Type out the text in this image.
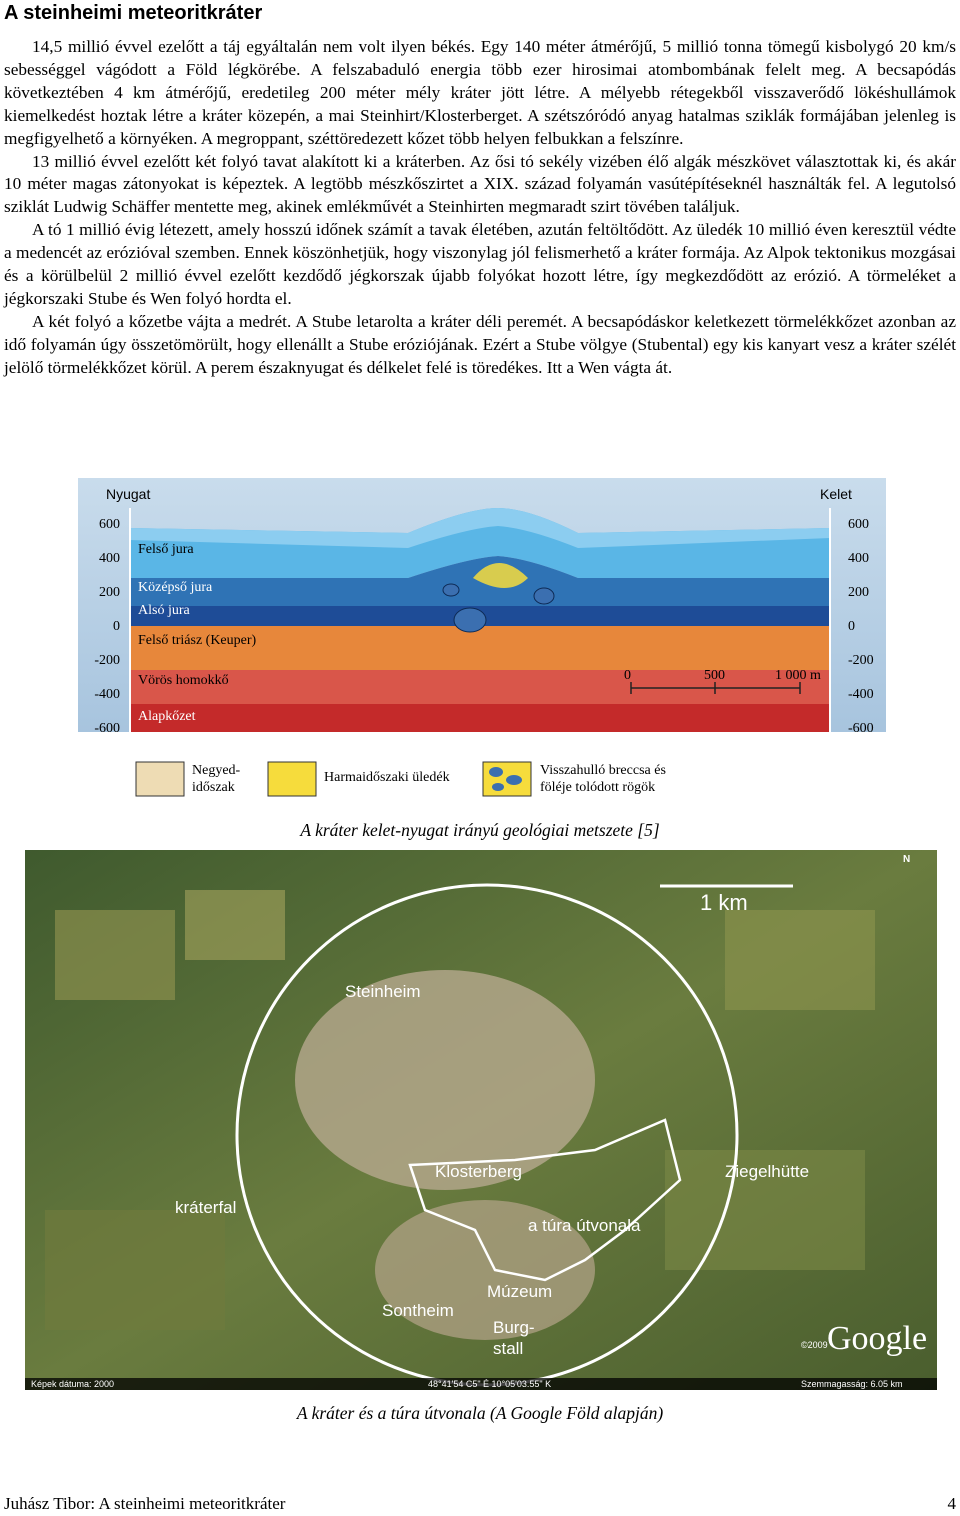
A steinheimi meteoritkráter

14,5 millió évvel ezelőtt a táj egyáltalán nem volt ilyen békés. Egy 140 méter átmérőjű, 5 millió tonna tömegű kisbolygó 20 km/s sebességgel vágódott a Föld légkörébe. A felszabaduló energia több ezer hirosimai atombombának felelt meg. A becsapódás következtében 4 km átmérőjű, eredetileg 200 méter mély kráter jött létre. A mélyebb rétegekből visszaverődő lökéshullámok kiemelkedést hoztak létre a kráter közepén, a mai Steinhirt/Klosterberget. A szétszóródó anyag hatalmas sziklák formájában jelenleg is megfigyelhető a környéken. A megroppant, széttöredezett kőzet több helyen felbukkan a felszínre.

13 millió évvel ezelőtt két folyó tavat alakított ki a kráterben. Az ősi tó sekély vizében élő algák mészkövet választottak ki, és akár 10 méter magas zátonyokat is képeztek. A legtöbb mészkőszirtet a XIX. század folyamán vasútépítéseknél használták fel. A legutolsó sziklát Ludwig Schäffer mentette meg, akinek emlékművét a Steinhirten megmaradt szirt tövében találjuk.

A tó 1 millió évig létezett, amely hosszú időnek számít a tavak életében, azután feltöltődött. Az üledék 10 millió éven keresztül védte a medencét az erózióval szemben. Ennek köszönhetjük, hogy viszonylag jól felismerhető a kráter formája. Az Alpok tektonikus mozgásai és a körülbelül 2 millió évvel ezelőtt kezdődő jégkorszak újabb folyókat hozott létre, így megkezdődött az erózió. A törmeléket a jégkorszaki Stube és Wen folyó hordta el.

A két folyó a kőzetbe vájta a medrét. A Stube letarolta a kráter déli peremét. A becsapódáskor keletkezett törmelékkőzet azonban az idő folyamán úgy összetömörült, hogy ellenállt a Stube eróziójának. Ezért a Stube völgye (Stubental) egy kis kanyart vesz a kráter szélét jelölő törmelékkőzet körül. A perem északnyugat és délkelet felé is töredékes. Itt a Wen vágta át.

Nyugat	Kelet
600
400
200
0
-200
-400
-600
600
400
200
0
-200
-400
-600
Felső jura
Középső jura
Alsó jura
Felső triász (Keuper)
Vörös homokkő
Alapkőzet
0	500	1 000 m
Negyed-
időszak
Harmaidőszaki üledék	Visszahulló breccsa és
föléje tolódott rögök
A kráter kelet-nyugat irányú geológiai metszete [5]
1 km
N
Steinheim
Klosterberg	Ziegelhütte
kráterfal
a túra útvonala
Múzeum
Sontheim
Burg-
stall	©2009 Google
Képek dátuma: 2000	48°41'54 C5" É 10°05'03.55" K	Szemmagasság: 6.05 km
A kráter és a túra útvonala (A Google Föld alapján)
Juhász Tibor: A steinheimi meteoritkráter	4
